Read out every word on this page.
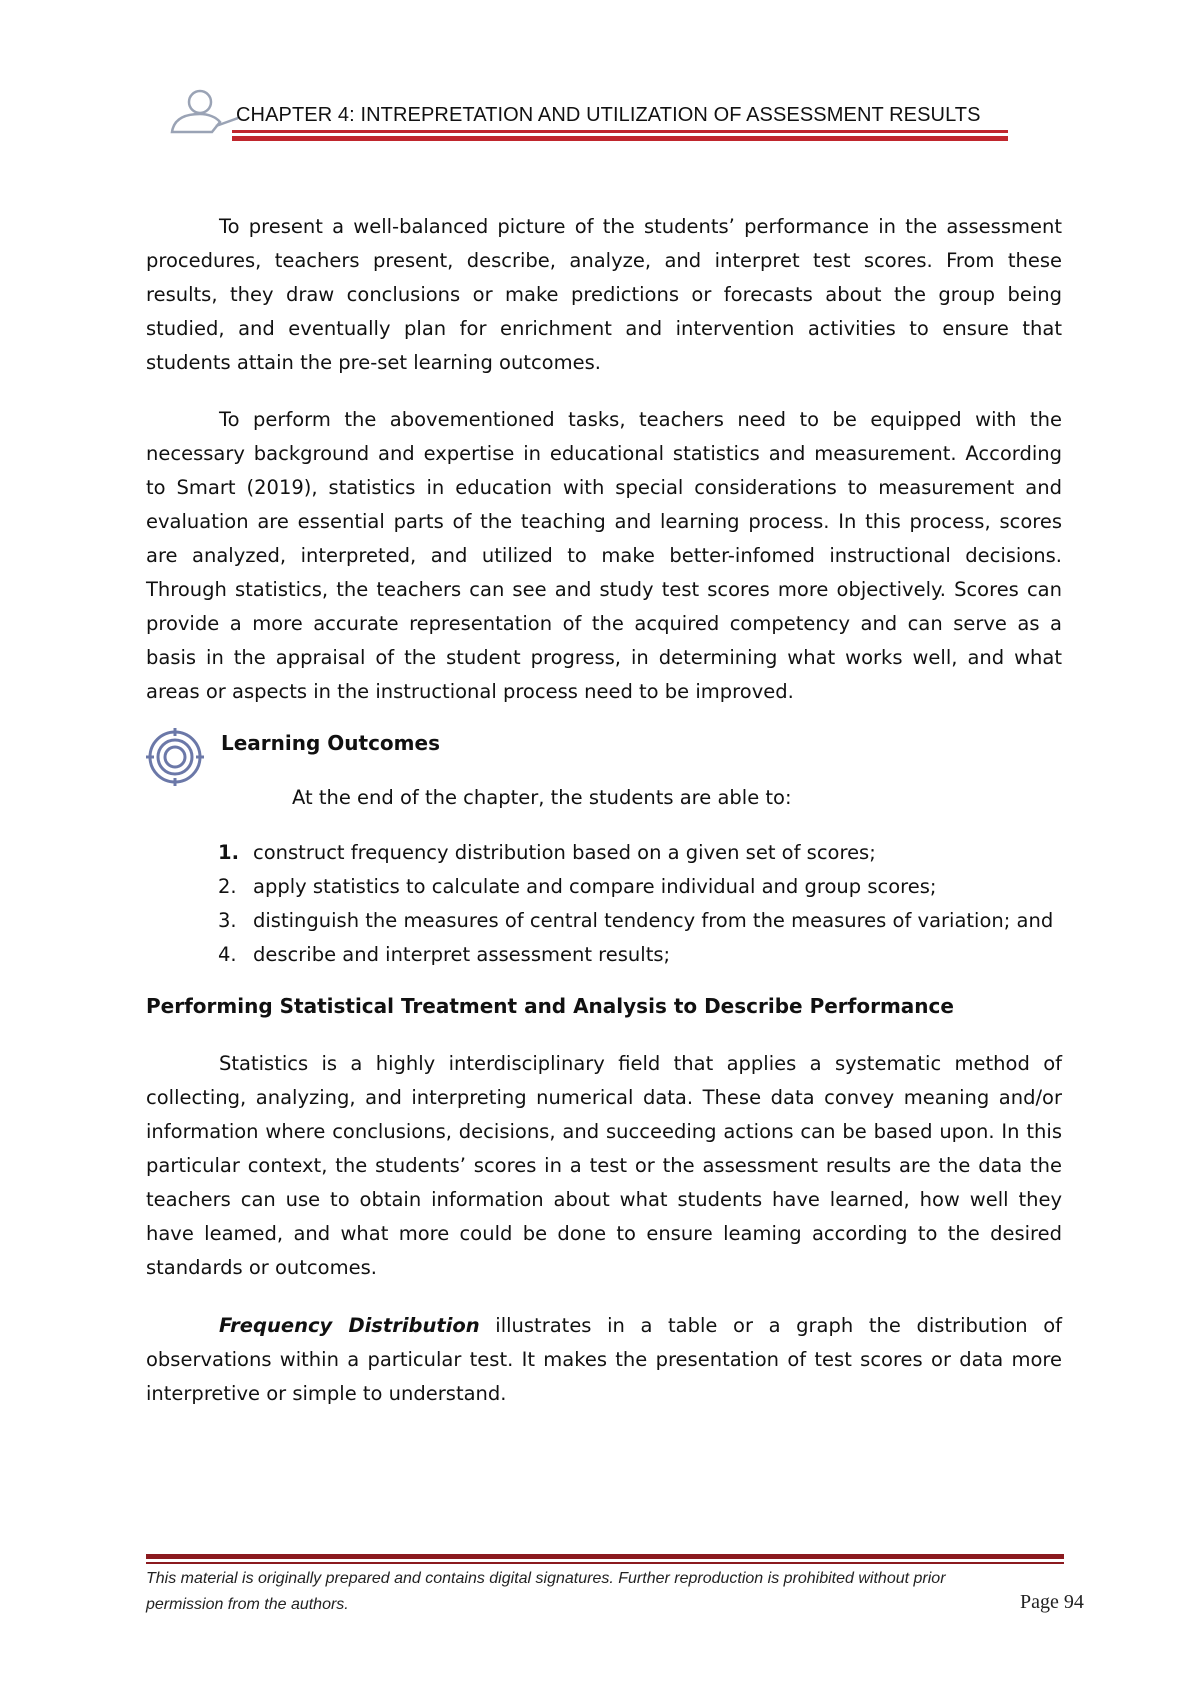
CHAPTER 4: INTREPRETATION AND UTILIZATION OF ASSESSMENT RESULTS

To present a well-balanced picture of the students’ performance in the assessment procedures, teachers present, describe, analyze, and interpret test scores. From these results, they draw conclusions or make predictions or forecasts about the group being studied, and eventually plan for enrichment and intervention activities to ensure that students attain the pre-set learning outcomes.

To perform the abovementioned tasks, teachers need to be equipped with the necessary background and expertise in educational statistics and measurement. According to Smart (2019), statistics in education with special considerations to measurement and evaluation are essential parts of the teaching and learning process. In this process, scores are analyzed, interpreted, and utilized to make better-infomed instructional decisions. Through statistics, the teachers can see and study test scores more objectively. Scores can provide a more accurate representation of the acquired competency and can serve as a basis in the appraisal of the student progress, in determining what works well, and what areas or aspects in the instructional process need to be improved.

Learning Outcomes
At the end of the chapter, the students are able to:
1. construct frequency distribution based on a given set of scores;
2. apply statistics to calculate and compare individual and group scores;
3. distinguish the measures of central tendency from the measures of variation; and
4. describe and interpret assessment results;
Performing Statistical Treatment and Analysis to Describe Performance

Statistics is a highly interdisciplinary field that applies a systematic method of collecting, analyzing, and interpreting numerical data. These data convey meaning and/or information where conclusions, decisions, and succeeding actions can be based upon. In this particular context, the students’ scores in a test or the assessment results are the data the teachers can use to obtain information about what students have learned, how well they have leamed, and what more could be done to ensure leaming according to the desired standards or outcomes.

Frequency Distribution illustrates in a table or a graph the distribution of observations within a particular test. It makes the presentation of test scores or data more interpretive or simple to understand.

This material is originally prepared and contains digital signatures. Further reproduction is prohibited without prior permission from the authors.	Page 94
